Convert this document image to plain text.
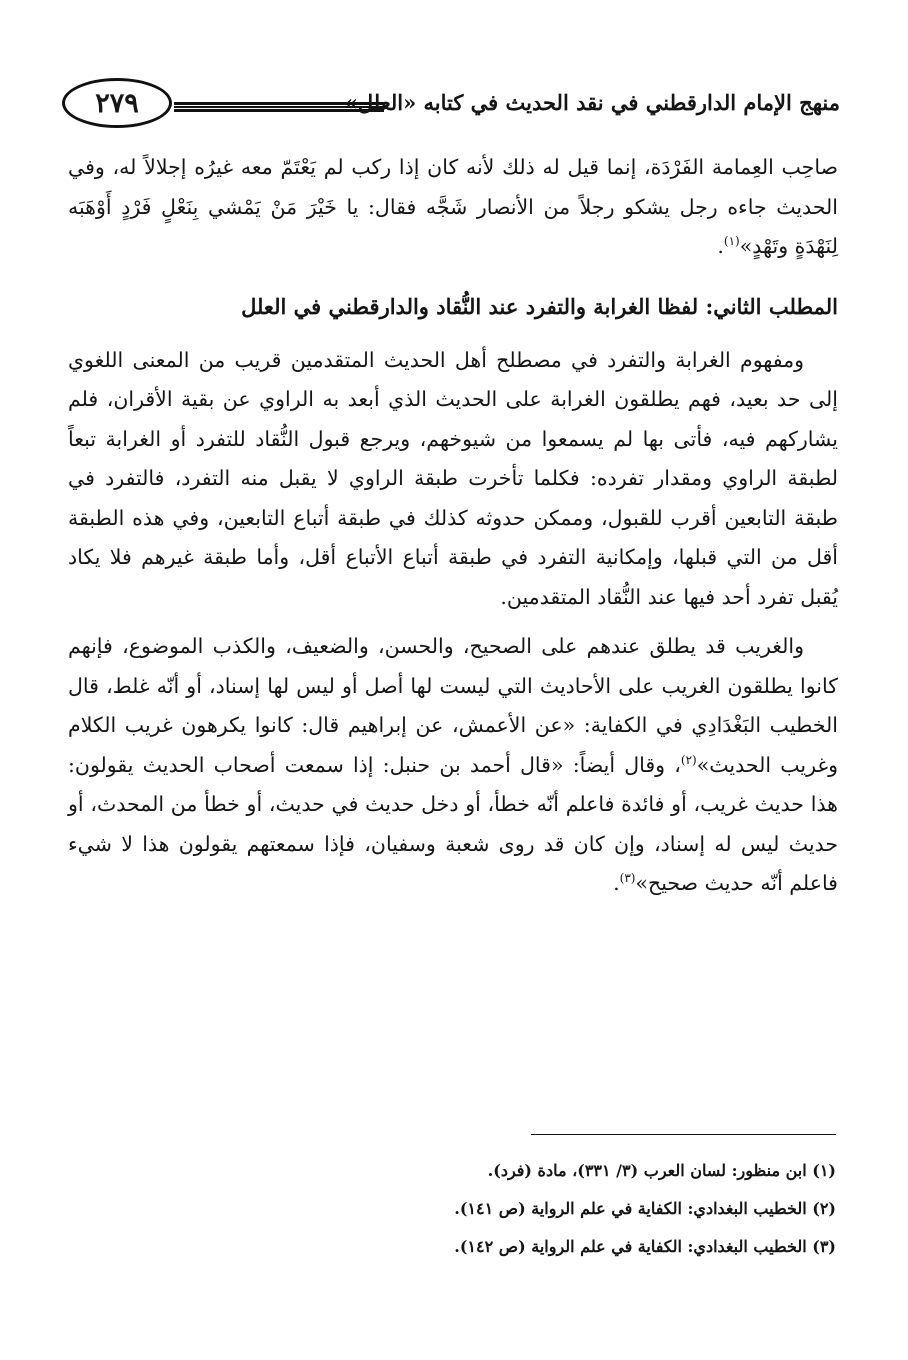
٢٧٩	منهج الإمام الدارقطني في نقد الحديث في كتابه «العلل»

صاحِب العِمامة الفَرْدَة، إنما قيل له ذلك لأنه كان إذا ركب لم يَعْتَمّ معه غيرُه إجلالاً له، وفي الحديث جاءه رجل يشكو رجلاً من الأنصار شَجَّه فقال: يا خَيْرَ مَنْ يَمْشي بِنَعْلٍ فَرْدٍ أَوْهَبَه لِنَهْدَةٍ وتَهْدٍ»$^{(١)}$.

المطلب الثاني: لفظا الغرابة والتفرد عند النُّقاد والدارقطني في العلل

ومفهوم الغرابة والتفرد في مصطلح أهل الحديث المتقدمين قريب من المعنى اللغوي إلى حد بعيد، فهم يطلقون الغرابة على الحديث الذي أبعد به الراوي عن بقية الأقران، فلم يشاركهم فيه، فأتى بها لم يسمعوا من شيوخهم، ويرجع قبول النُّقاد للتفرد أو الغرابة تبعاً لطبقة الراوي ومقدار تفرده: فكلما تأخرت طبقة الراوي لا يقبل منه التفرد، فالتفرد في طبقة التابعين أقرب للقبول، وممكن حدوثه كذلك في طبقة أتباع التابعين، وفي هذه الطبقة أقل من التي قبلها، وإمكانية التفرد في طبقة أتباع الأتباع أقل، وأما طبقة غيرهم فلا يكاد يُقبل تفرد أحد فيها عند النُّقاد المتقدمين.

والغريب قد يطلق عندهم على الصحيح، والحسن، والضعيف، والكذب الموضوع، فإنهم كانوا يطلقون الغريب على الأحاديث التي ليست لها أصل أو ليس لها إسناد، أو أنّه غلط، قال الخطيب البَغْدَادِي في الكفاية: «عن الأعمش، عن إبراهيم قال: كانوا يكرهون غريب الكلام وغريب الحديث»$^{(٢)}$، وقال أيضاً: «قال أحمد بن حنبل: إذا سمعت أصحاب الحديث يقولون: هذا حديث غريب، أو فائدة فاعلم أنّه خطأ، أو دخل حديث في حديث، أو خطأ من المحدث، أو حديث ليس له إسناد، وإن كان قد روى شعبة وسفيان، فإذا سمعتهم يقولون هذا لا شيء فاعلم أنّه حديث صحيح»$^{(٣)}$.

(١) ابن منظور: لسان العرب (٣/ ٣٣١)، مادة (فرد).
(٢) الخطيب البغدادي: الكفاية في علم الرواية (ص ١٤١).
(٣) الخطيب البغدادي: الكفاية في علم الرواية (ص ١٤٢).
